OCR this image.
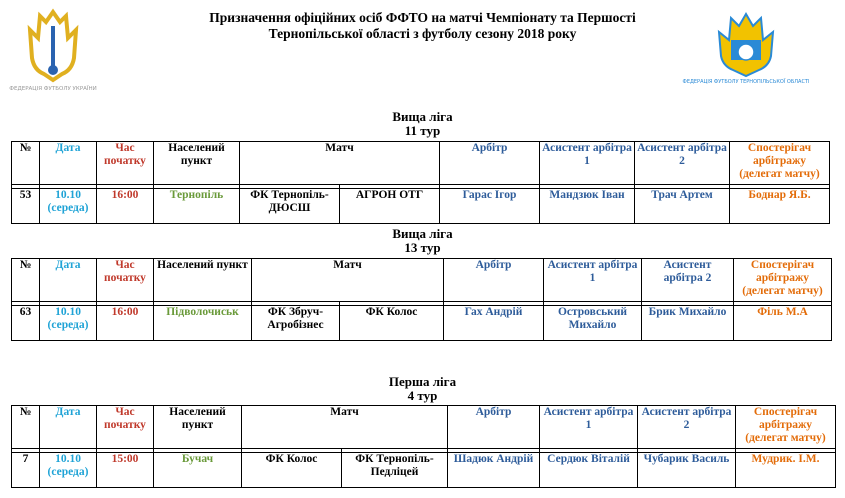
ФЕДЕРАЦІЯ ФУТБОЛУ УКРАЇНИ
ФЕДЕРАЦІЯ ФУТБОЛУ ТЕРНОПІЛЬСЬКОЇ ОБЛАСТІ
Призначення офіційних осіб ФФТО на матчі Чемпіонату та Першості
Тернопільської області з футболу сезону 2018 року
Вища ліга
11 тур
№	Дата	Час початку	Населений пункт	Матч		Арбітр	Асистент арбітра 1	Асистент арбітра 2	Спостерігач арбітражу (делегат матчу)

53	10.10 (середа)	16:00	Тернопіль	ФК Тернопіль-ДЮСШ	АГРОН ОТГ	Гарас Ігор	Мандзюк Іван	Трач Артем	Боднар Я.Б.
Вища ліга
13 тур
№	Дата	Час початку	Населений пункт	Матч		Арбітр	Асистент арбітра 1	Асистент арбітра 2	Спостерігач арбітражу (делегат матчу)

63	10.10 (середа)	16:00	Підволочиськ	ФК Збруч-Агробізнес	ФК Колос	Гах Андрій	Островський Михайло	Брик Михайло	Філь М.А
Перша ліга
4 тур
№	Дата	Час початку	Населений пункт	Матч		Арбітр	Асистент арбітра 1	Асистент арбітра 2	Спостерігач арбітражу (делегат матчу)

7	10.10 (середа)	15:00	Бучач	ФК Колос	ФК Тернопіль-Педліцей	Шадюк Андрій	Сердюк Віталій	Чубарик Василь	Мудрик. І.М.
